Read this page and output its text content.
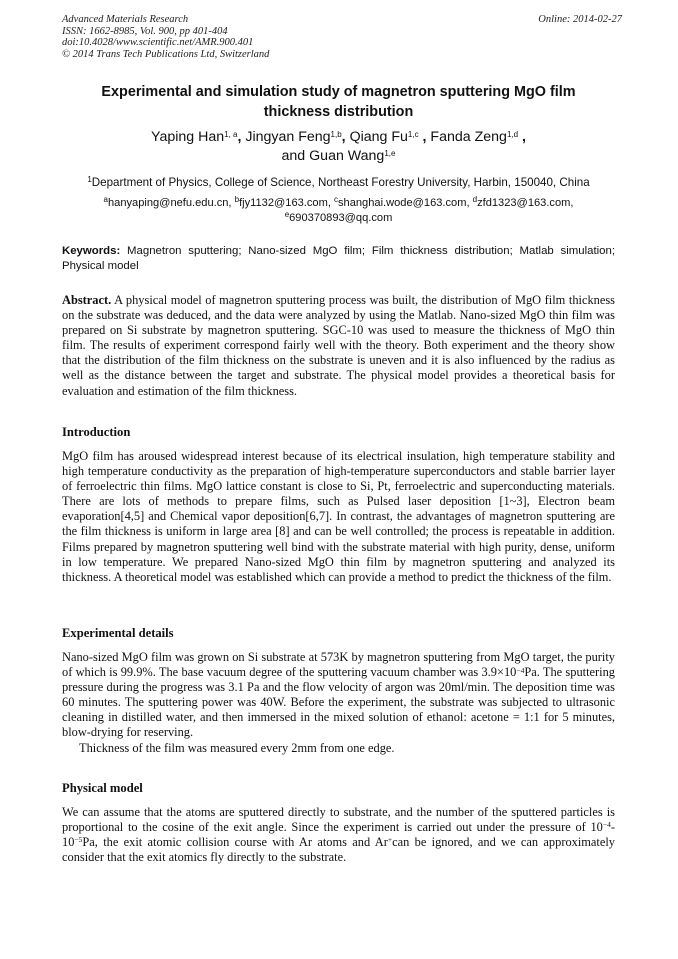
Advanced Materials Research
ISSN: 1662-8985, Vol. 900, pp 401-404
doi:10.4028/www.scientific.net/AMR.900.401
© 2014 Trans Tech Publications Ltd, Switzerland
Online: 2014-02-27
Experimental and simulation study of magnetron sputtering MgO film
thickness distribution
Yaping Han$^{1, a}$, Jingyan Feng$^{1,b}$, Qiang Fu$^{1,c}$ , Fanda Zeng$^{1,d}$ ,
and Guan Wang$^{1,e}$
$^1$Department of Physics, College of Science, Northeast Forestry University, Harbin, 150040, China
$^a$hanyaping@nefu.edu.cn, $^b$fjy1132@163.com, $^c$shanghai.wode@163.com, $^d$zfd1323@163.com,
$^e$690370893@qq.com
Keywords: Magnetron sputtering; Nano-sized MgO film; Film thickness distribution; Matlab simulation; Physical model
Abstract. A physical model of magnetron sputtering process was built, the distribution of MgO film thickness on the substrate was deduced, and the data were analyzed by using the Matlab. Nano-sized MgO thin film was prepared on Si substrate by magnetron sputtering. SGC-10 was used to measure the thickness of MgO thin film. The results of experiment correspond fairly well with the theory. Both experiment and the theory show that the distribution of the film thickness on the substrate is uneven and it is also influenced by the radius as well as the distance between the target and substrate. The physical model provides a theoretical basis for evaluation and estimation of the film thickness.
Introduction
MgO film has aroused widespread interest because of its electrical insulation, high temperature stability and high temperature conductivity as the preparation of high-temperature superconductors and stable barrier layer of ferroelectric thin films. MgO lattice constant is close to Si, Pt, ferroelectric and superconducting materials. There are lots of methods to prepare films, such as Pulsed laser deposition [1~3], Electron beam evaporation[4,5] and Chemical vapor deposition[6,7]. In contrast, the advantages of magnetron sputtering are the film thickness is uniform in large area [8] and can be well controlled; the process is repeatable in addition. Films prepared by magnetron sputtering well bind with the substrate material with high purity, dense, uniform in low temperature. We prepared Nano-sized MgO thin film by magnetron sputtering and analyzed its thickness. A theoretical model was established which can provide a method to predict the thickness of the film.
Experimental details

Nano-sized MgO film was grown on Si substrate at 573K by magnetron sputtering from MgO target, the purity of which is 99.9%. The base vacuum degree of the sputtering vacuum chamber was $3.9\times 10^{-4}Pa$. The sputtering pressure during the progress was 3.1 Pa and the flow velocity of argon was 20ml/min. The deposition time was 60 minutes. The sputtering power was 40W. Before the experiment, the substrate was subjected to ultrasonic cleaning in distilled water, and then immersed in the mixed solution of ethanol: acetone = 1:1 for 5 minutes, blow-drying for reserving.

Thickness of the film was measured every 2mm from one edge.

Physical model
We can assume that the atoms are sputtered directly to substrate, and the number of the sputtered particles is proportional to the cosine of the exit angle. Since the experiment is carried out under the pressure of $10^{-4}-10^{-5}Pa$, the exit atomic collision course with Ar atoms and Ar+can be ignored, and we can approximately consider that the exit atomics fly directly to the substrate.
